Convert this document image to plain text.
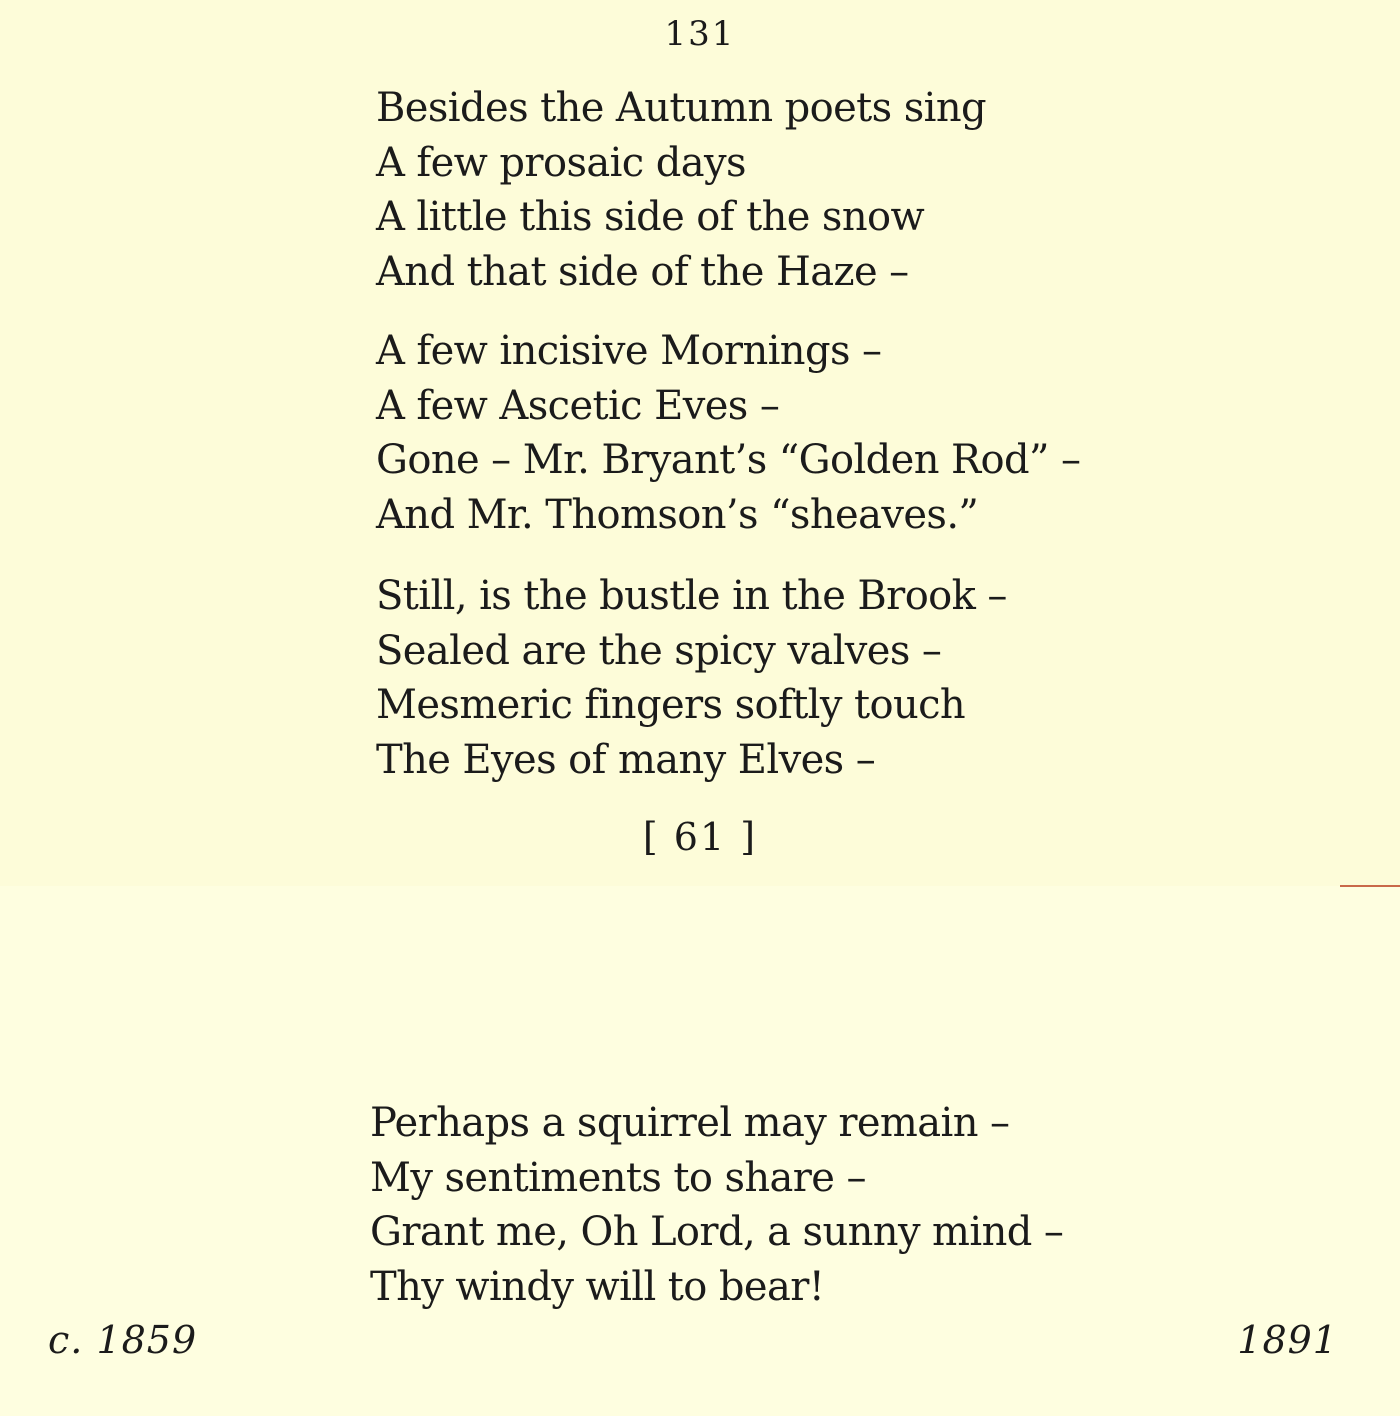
131
Besides the Autumn poets sing
A few prosaic days
A little this side of the snow
And that side of the Haze –
A few incisive Mornings –
A few Ascetic Eves –
Gone – Mr. Bryant’s “Golden Rod” –
And Mr. Thomson’s “sheaves.”
Still, is the bustle in the Brook –
Sealed are the spicy valves –
Mesmeric fingers softly touch
The Eyes of many Elves –
[ 61 ]
Perhaps a squirrel may remain –
My sentiments to share –
Grant me, Oh Lord, a sunny mind –
Thy windy will to bear!
c. 1859	1891
